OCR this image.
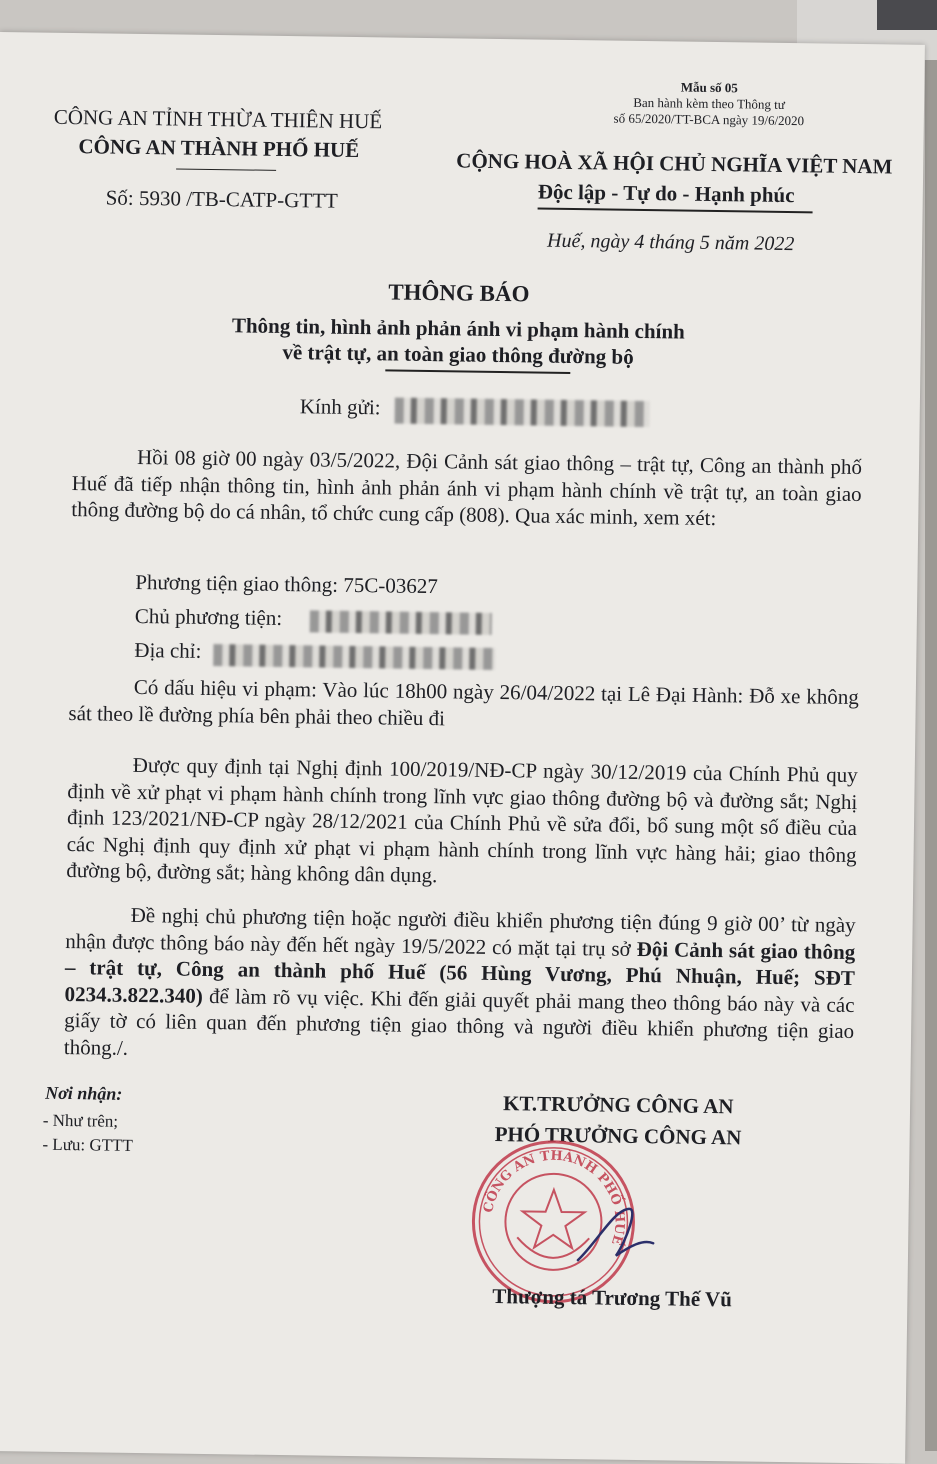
Mẫu số 05
Ban hành kèm theo Thông tư
số 65/2020/TT-BCA ngày 19/6/2020
CÔNG AN TỈNH THỪA THIÊN HUẾ
CÔNG AN THÀNH PHỐ HUẾ
Số: 5930 /TB-CATP-GTTT
CỘNG HOÀ XÃ HỘI CHỦ NGHĨA VIỆT NAM
Độc lập - Tự do - Hạnh phúc
Huế, ngày 4 tháng 5 năm 2022
THÔNG BÁO
Thông tin, hình ảnh phản ánh vi phạm hành chính
về trật tự, an toàn giao thông đường bộ
Kính gửi:
Hồi 08 giờ 00 ngày 03/5/2022, Đội Cảnh sát giao thông – trật tự, Công an thành phố Huế đã tiếp nhận thông tin, hình ảnh phản ánh vi phạm hành chính về trật tự, an toàn giao thông đường bộ do cá nhân, tổ chức cung cấp (808). Qua xác minh, xem xét:
Phương tiện giao thông: 75C-03627
Chủ phương tiện:
Địa chỉ:
Có dấu hiệu vi phạm: Vào lúc 18h00 ngày 26/04/2022 tại Lê Đại Hành: Đỗ xe không sát theo lề đường phía bên phải theo chiều đi
Được quy định tại Nghị định 100/2019/NĐ-CP ngày 30/12/2019 của Chính Phủ quy định về xử phạt vi phạm hành chính trong lĩnh vực giao thông đường bộ và đường sắt; Nghị định 123/2021/NĐ-CP ngày 28/12/2021 của Chính Phủ về sửa đổi, bổ sung một số điều của các Nghị định quy định xử phạt vi phạm hành chính trong lĩnh vực hàng hải; giao thông đường bộ, đường sắt; hàng không dân dụng.
Đề nghị chủ phương tiện hoặc người điều khiển phương tiện đúng 9 giờ 00’ từ ngày nhận được thông báo này đến hết ngày 19/5/2022 có mặt tại trụ sở Đội Cảnh sát giao thông – trật tự, Công an thành phố Huế (56 Hùng Vương, Phú Nhuận, Huế; SĐT 0234.3.822.340) để làm rõ vụ việc. Khi đến giải quyết phải mang theo thông báo này và các giấy tờ có liên quan đến phương tiện giao thông và người điều khiển phương tiện giao thông./.
Nơi nhận:
- Như trên;
- Lưu: GTTT
KT.TRƯỞNG CÔNG AN
PHÓ TRƯỞNG CÔNG AN
CÔNG AN THÀNH PHỐ HUẾ
Thượng tá Trương Thế Vũ
